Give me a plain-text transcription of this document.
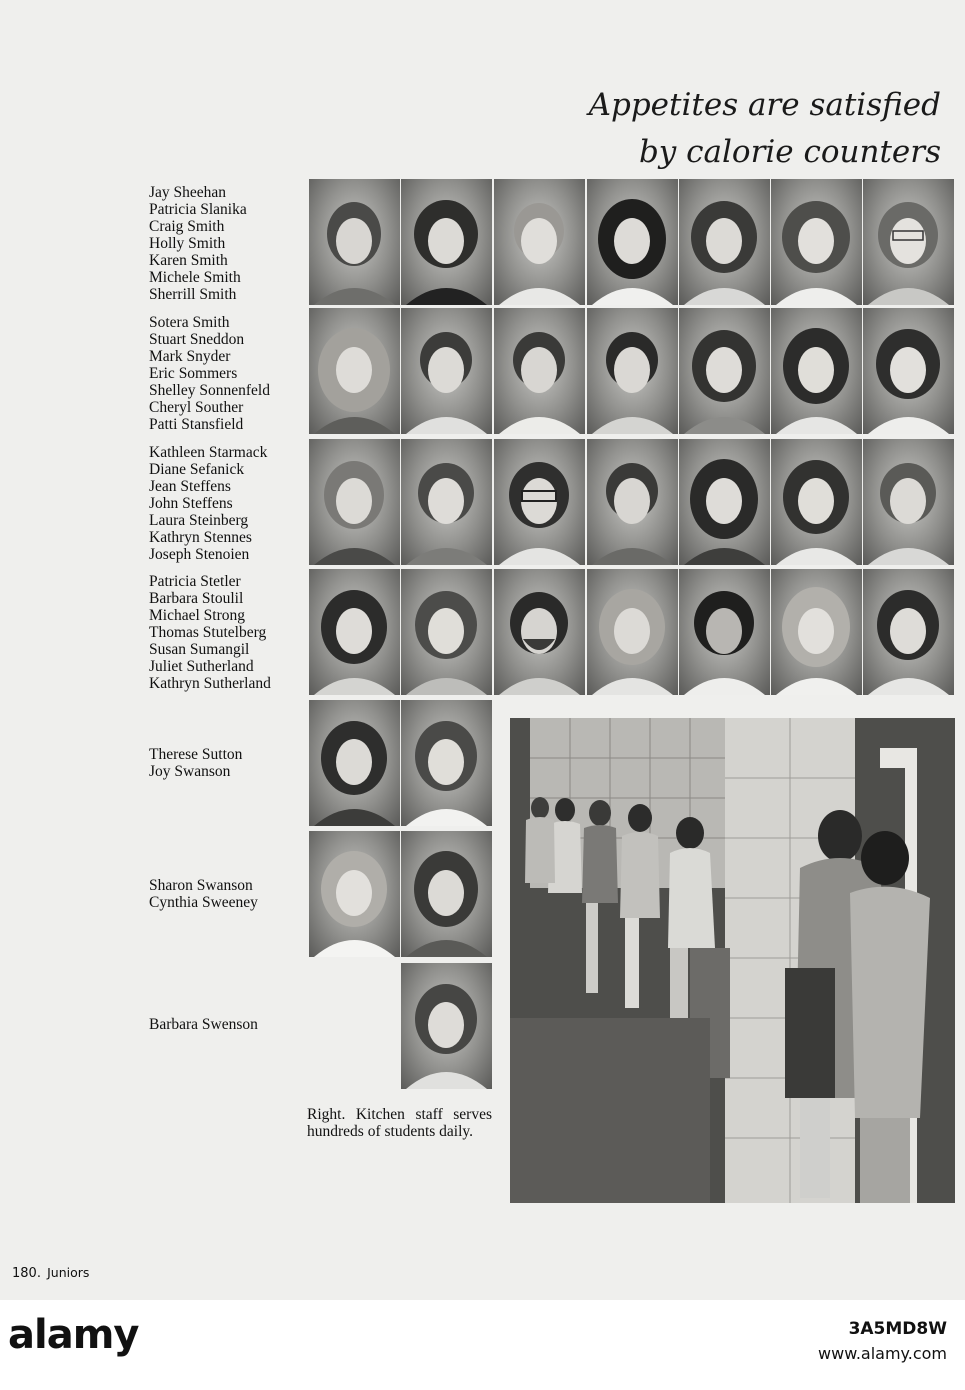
Appetites are satisfied
by calorie counters
Jay Sheehan
Patricia Slanika
Craig Smith
Holly Smith
Karen Smith
Michele Smith
Sherrill Smith
Sotera Smith
Stuart Sneddon
Mark Snyder
Eric Sommers
Shelley Sonnenfeld
Cheryl Souther
Patti Stansfield
Kathleen Starmack
Diane Sefanick
Jean Steffens
John Steffens
Laura Steinberg
Kathryn Stennes
Joseph Stenoien
Patricia Stetler
Barbara Stoulil
Michael Strong
Thomas Stutelberg
Susan Sumangil
Juliet Sutherland
Kathryn Sutherland
Therese Sutton
Joy Swanson
Sharon Swanson
Cynthia Sweeney
Barbara Swenson

Right. Kitchen staff serves hundreds of students daily.

180. Juniors

alamy	3A5MD8W

www.alamy.com
